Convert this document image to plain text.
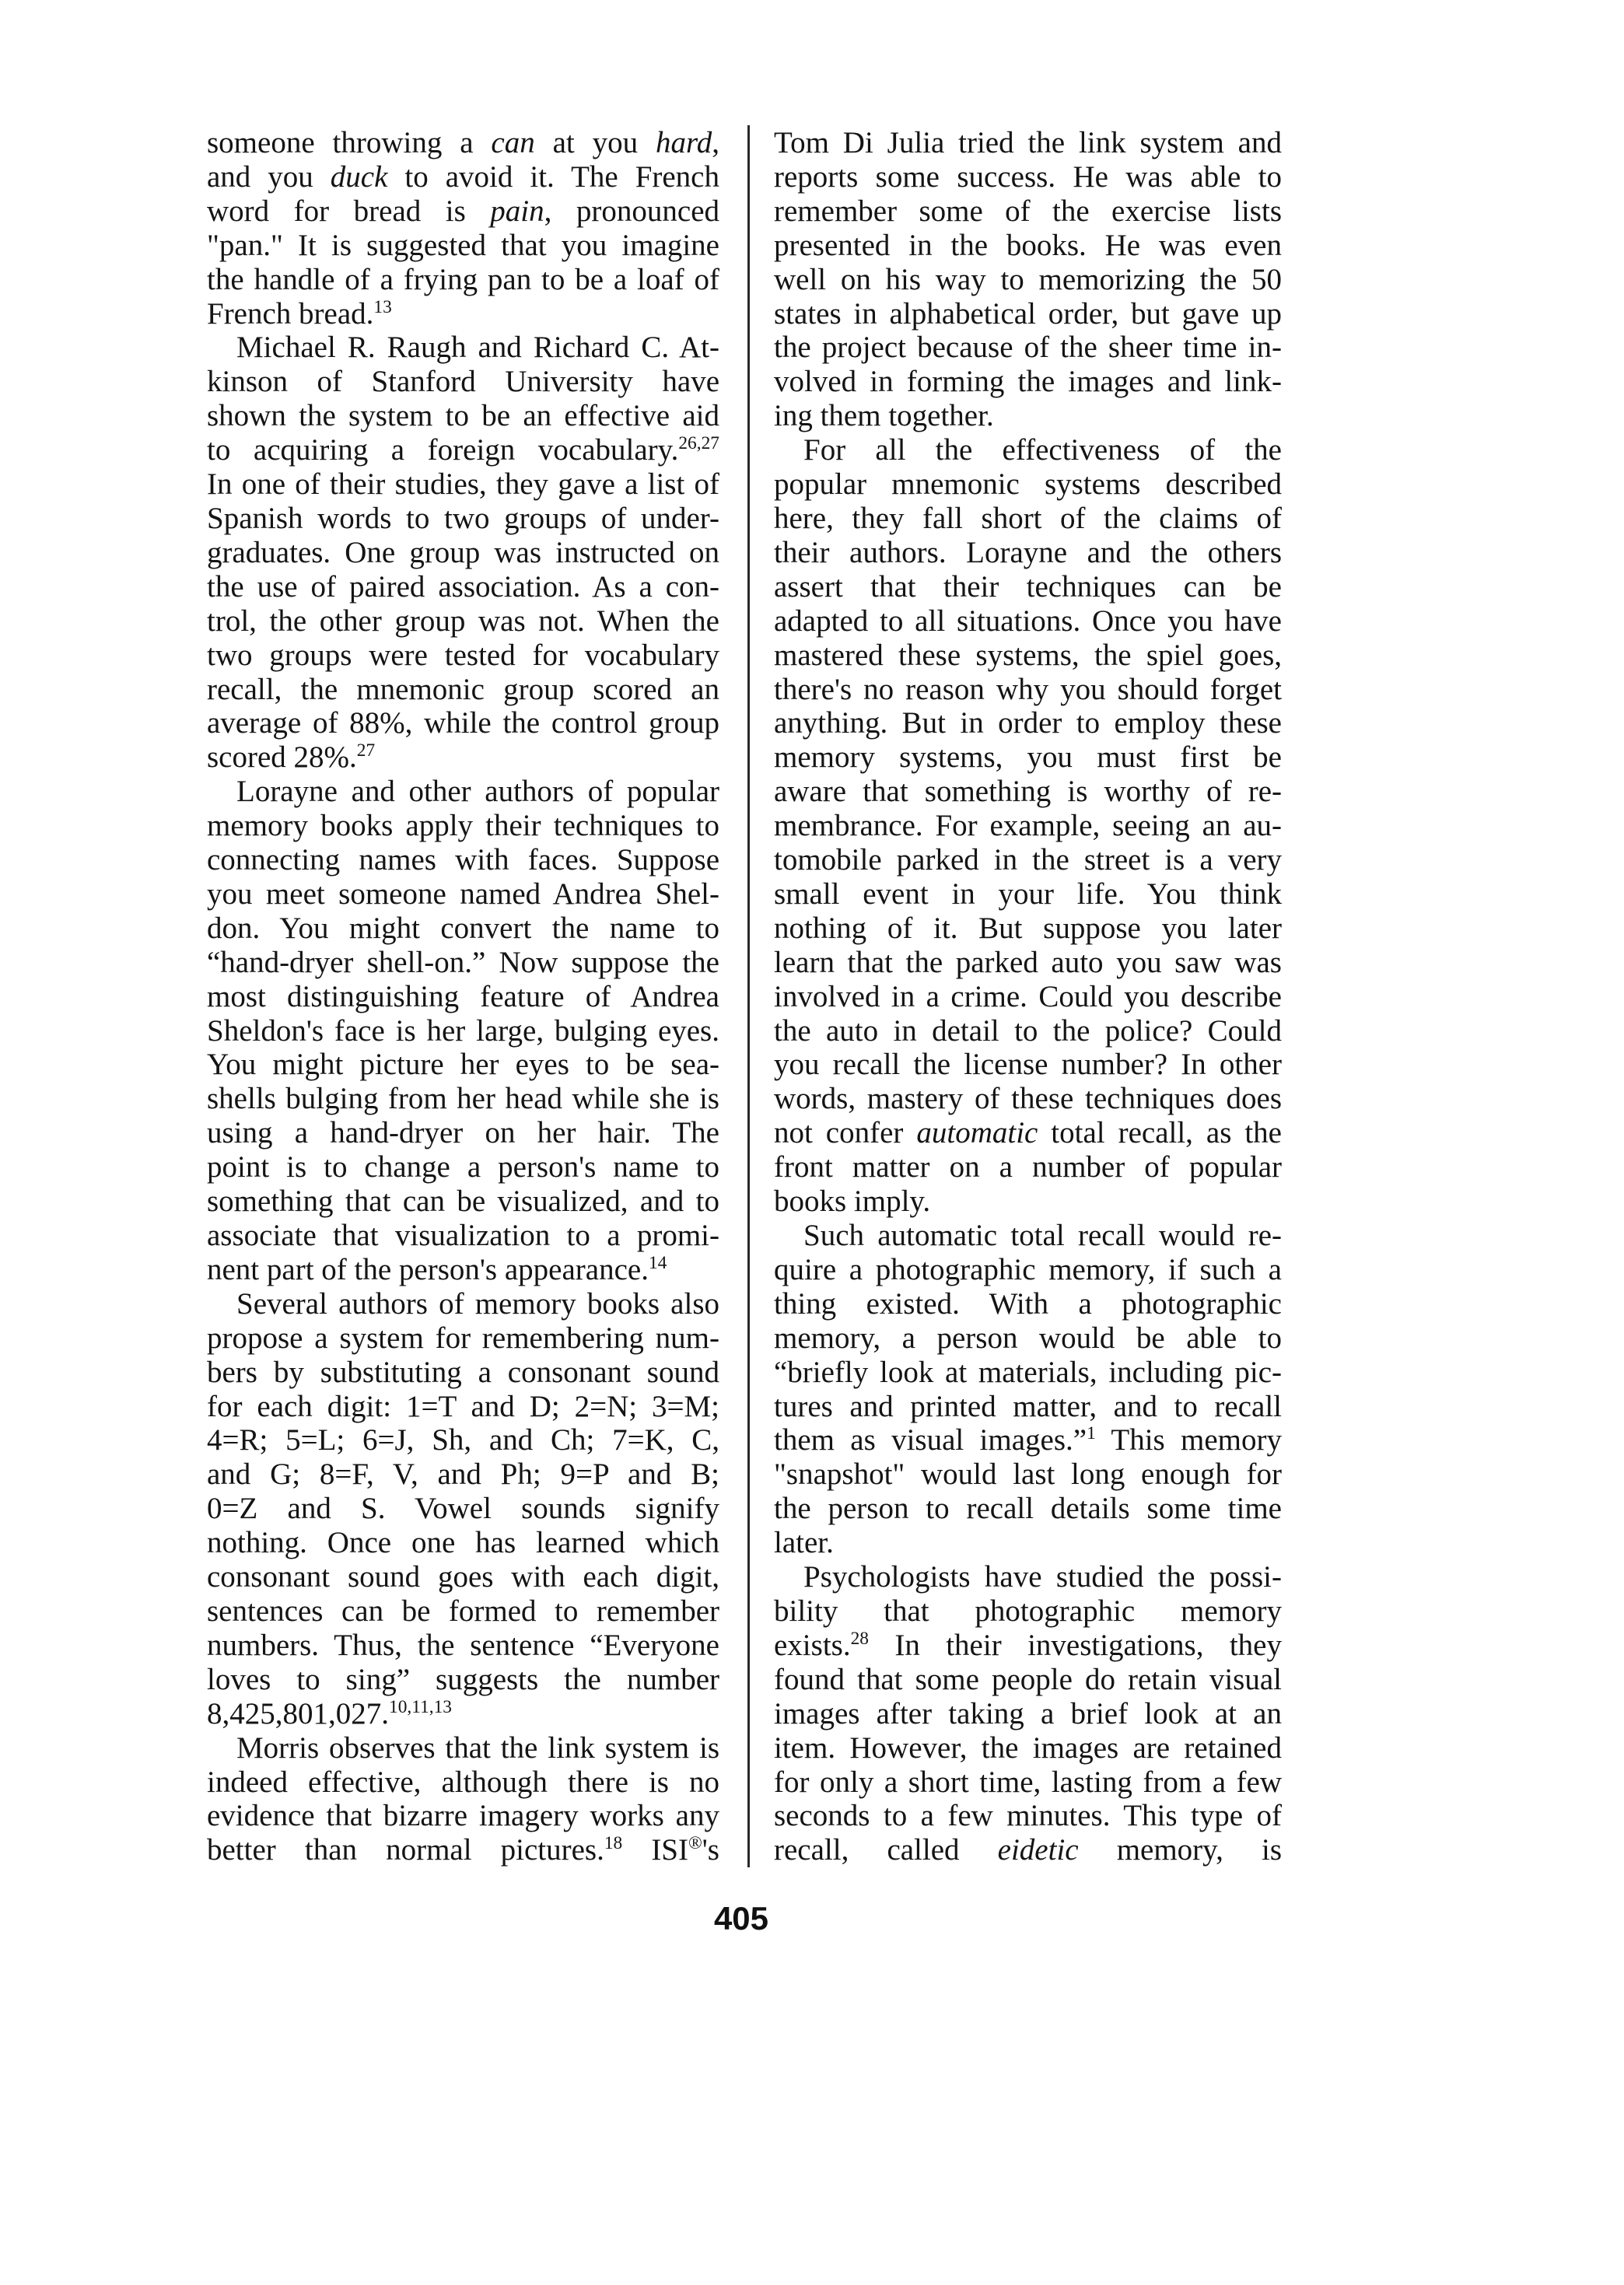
someone throwing a can at you hard,
and you duck to avoid it. The French
word for bread is pain, pronounced
"pan." It is suggested that you imagine
the handle of a frying pan to be a loaf of
French bread.$^{13}$
Michael R. Raugh and Richard C. At-
kinson of Stanford University have
shown the system to be an effective aid
to acquiring a foreign vocabulary.$^{26,27}$
In one of their studies, they gave a list of
Spanish words to two groups of under-
graduates. One group was instructed on
the use of paired association. As a con-
trol, the other group was not. When the
two groups were tested for vocabulary
recall, the mnemonic group scored an
average of 88%, while the control group
scored 28%.$^{27}$
Lorayne and other authors of popular
memory books apply their techniques to
connecting names with faces. Suppose
you meet someone named Andrea Shel-
don. You might convert the name to
“hand-dryer shell-on.” Now suppose the
most distinguishing feature of Andrea
Sheldon's face is her large, bulging eyes.
You might picture her eyes to be sea-
shells bulging from her head while she is
using a hand-dryer on her hair. The
point is to change a person's name to
something that can be visualized, and to
associate that visualization to a promi-
nent part of the person's appearance.$^{14}$
Several authors of memory books also
propose a system for remembering num-
bers by substituting a consonant sound
for each digit: 1=T and D; 2=N; 3=M;
4=R; 5=L; 6=J, Sh, and Ch; 7=K, C,
and G; 8=F, V, and Ph; 9=P and B;
0=Z and S. Vowel sounds signify
nothing. Once one has learned which
consonant sound goes with each digit,
sentences can be formed to remember
numbers. Thus, the sentence “Everyone
loves to sing” suggests the number
8,425,801,027.$^{10,11,13}$
Morris observes that the link system is
indeed effective, although there is no
evidence that bizarre imagery works any
better than normal pictures.$^{18}$ ISI®'s
Tom Di Julia tried the link system and
reports some success. He was able to
remember some of the exercise lists
presented in the books. He was even
well on his way to memorizing the 50
states in alphabetical order, but gave up
the project because of the sheer time in-
volved in forming the images and link-
ing them together.
For all the effectiveness of the
popular mnemonic systems described
here, they fall short of the claims of
their authors. Lorayne and the others
assert that their techniques can be
adapted to all situations. Once you have
mastered these systems, the spiel goes,
there's no reason why you should forget
anything. But in order to employ these
memory systems, you must first be
aware that something is worthy of re-
membrance. For example, seeing an au-
tomobile parked in the street is a very
small event in your life. You think
nothing of it. But suppose you later
learn that the parked auto you saw was
involved in a crime. Could you describe
the auto in detail to the police? Could
you recall the license number? In other
words, mastery of these techniques does
not confer automatic total recall, as the
front matter on a number of popular
books imply.
Such automatic total recall would re-
quire a photographic memory, if such a
thing existed. With a photographic
memory, a person would be able to
“briefly look at materials, including pic-
tures and printed matter, and to recall
them as visual images.”$^1$ This memory
"snapshot" would last long enough for
the person to recall details some time
later.
Psychologists have studied the possi-
bility that photographic memory
exists.$^{28}$ In their investigations, they
found that some people do retain visual
images after taking a brief look at an
item. However, the images are retained
for only a short time, lasting from a few
seconds to a few minutes. This type of
recall, called eidetic memory, is
405
